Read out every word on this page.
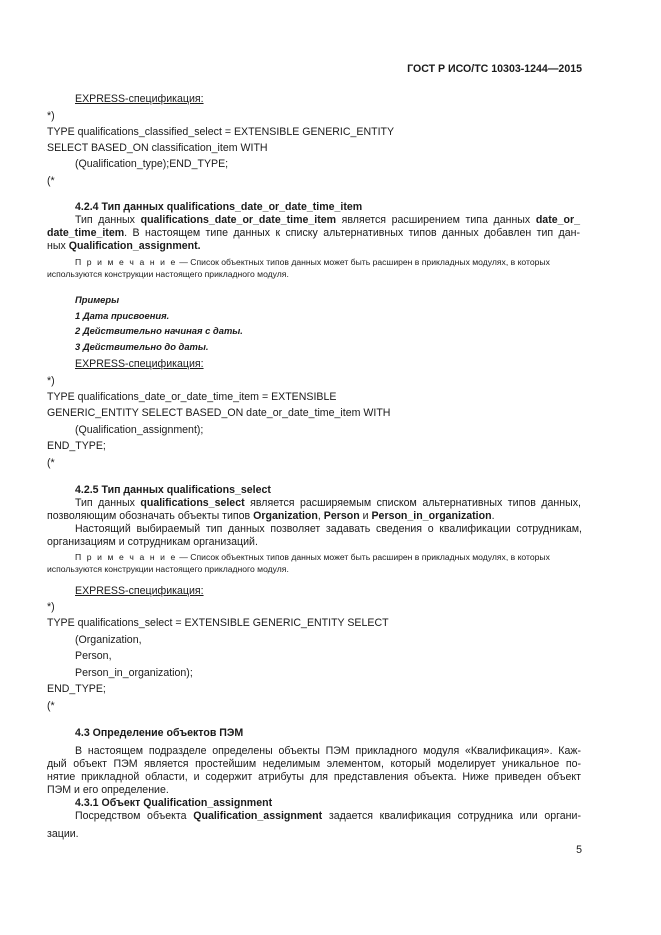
ГОСТ Р ИСО/ТС 10303-1244—2015
EXPRESS-спецификация:
*)
TYPE qualifications_classified_select = EXTENSIBLE GENERIC_ENTITY
SELECT BASED_ON classification_item WITH
(Qualification_type);END_TYPE;
(*
4.2.4 Тип данных qualifications_date_or_date_time_item
Тип данных qualifications_date_or_date_time_item является расширением типа данных date_or_
date_time_item. В настоящем типе данных к списку альтернативных типов данных добавлен тип дан-
ных Qualification_assignment.
П р и м е ч а н и е — Список объектных типов данных может быть расширен в прикладных модулях, в которых
используются конструкции настоящего прикладного модуля.
Примеры
1 Дата присвоения.
2 Действительно начиная с даты.
3 Действительно до даты.
EXPRESS-спецификация:
*)
TYPE qualifications_date_or_date_time_item = EXTENSIBLE
GENERIC_ENTITY SELECT BASED_ON date_or_date_time_item WITH
(Qualification_assignment);
END_TYPE;
(*
4.2.5 Тип данных qualifications_select
Тип данных qualifications_select является расширяемым списком альтернативных типов данных,
позволяющим обозначать объекты типов Organization, Person и Person_in_organization.
Настоящий выбираемый тип данных позволяет задавать сведения о квалификации сотрудникам,
организациям и сотрудникам организаций.
П р и м е ч а н и е — Список объектных типов данных может быть расширен в прикладных модулях, в которых
используются конструкции настоящего прикладного модуля.
EXPRESS-спецификация:
*)
TYPE qualifications_select = EXTENSIBLE GENERIC_ENTITY SELECT
(Organization,
Person,
Person_in_organization);
END_TYPE;
(*
4.3 Определение объектов ПЭМ
В настоящем подразделе определены объекты ПЭМ прикладного модуля «Квалификация». Каж-
дый объект ПЭМ является простейшим неделимым элементом, который моделирует уникальное по-
нятие прикладной области, и содержит атрибуты для представления объекта. Ниже приведен объект
ПЭМ и его определение.
4.3.1 Объект Qualification_assignment
Посредством объекта Qualification_assignment задается квалификация сотрудника или органи-
зации.
5
